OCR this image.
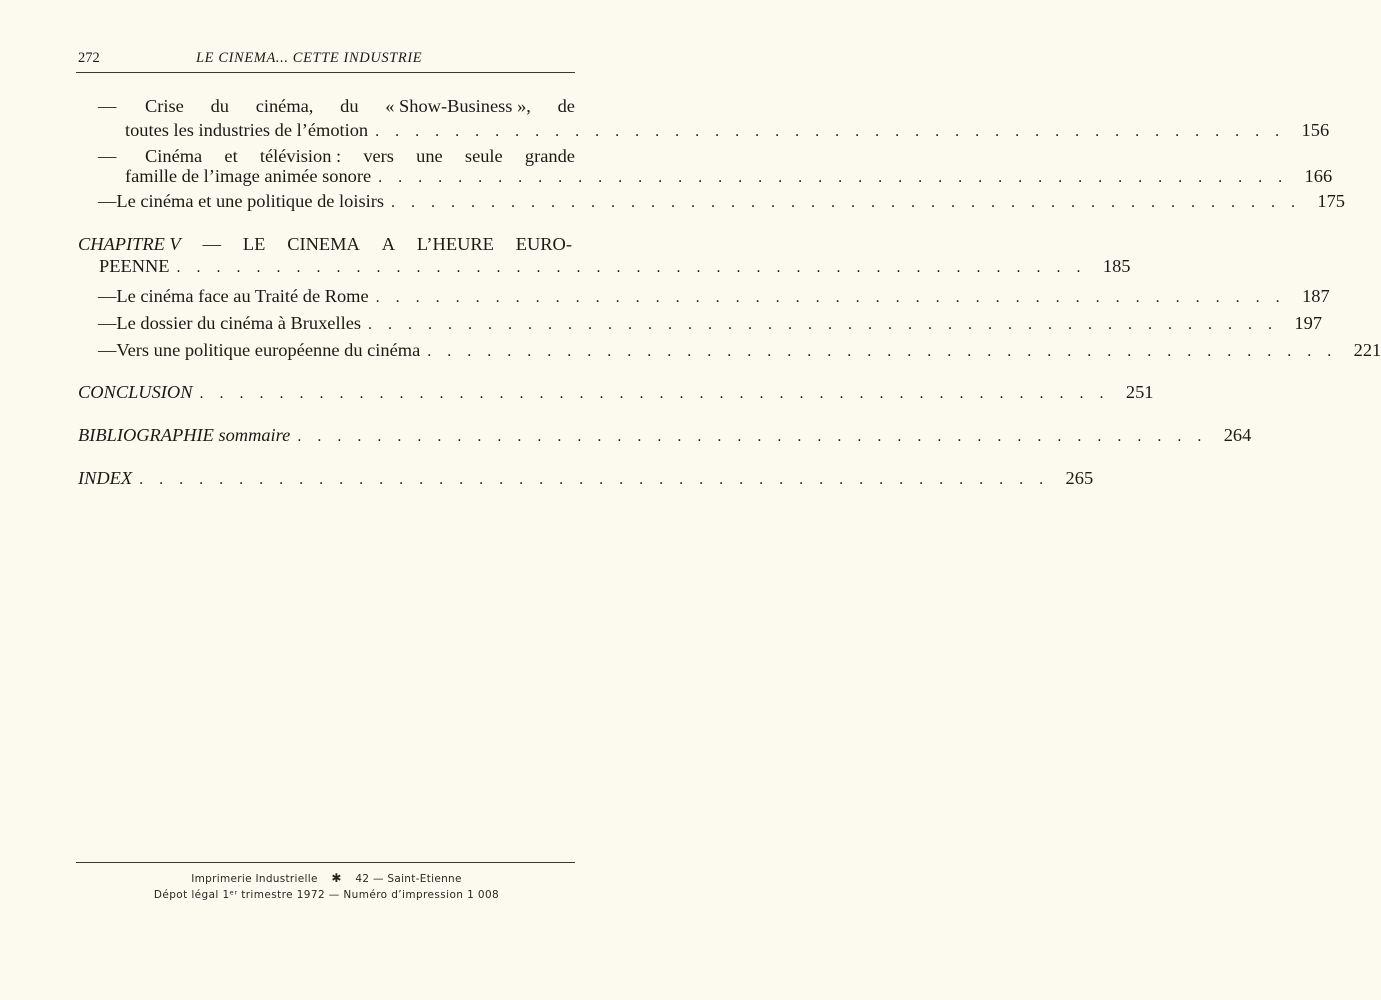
272	LE CINEMA... CETTE INDUSTRIE
—	Crise du cinéma, du « Show-Business », de
toutes les industries de l’émotion . . . . . . . . . . . . . . . . . . . . . . . . . . . . . . . . . . . . . . . . . . . . . . 156
—	Cinéma et télévision : vers une seule grande
famille de l’image animée sonore . . . . . . . . . . . . . . . . . . . . . . . . . . . . . . . . . . . . . . . . . . . . . . 166
— Le cinéma et une politique de loisirs . . . . . . . . . . . . . . . . . . . . . . . . . . . . . . . . . . . . . . . . . . . . . . 175
CHAPITRE V — LE CINEMA A L’HEURE EURO-
PEENNE . . . . . . . . . . . . . . . . . . . . . . . . . . . . . . . . . . . . . . . . . . . . . . 185
— Le cinéma face au Traité de Rome . . . . . . . . . . . . . . . . . . . . . . . . . . . . . . . . . . . . . . . . . . . . . . 187
— Le dossier du cinéma à Bruxelles . . . . . . . . . . . . . . . . . . . . . . . . . . . . . . . . . . . . . . . . . . . . . . 197
— Vers une politique européenne du cinéma . . . . . . . . . . . . . . . . . . . . . . . . . . . . . . . . . . . . . . . . . . . . . . 221
CONCLUSION . . . . . . . . . . . . . . . . . . . . . . . . . . . . . . . . . . . . . . . . . . . . . . 251
BIBLIOGRAPHIE sommaire . . . . . . . . . . . . . . . . . . . . . . . . . . . . . . . . . . . . . . . . . . . . . . 264
INDEX . . . . . . . . . . . . . . . . . . . . . . . . . . . . . . . . . . . . . . . . . . . . . . 265
Imprimerie Industrielle ✱ 42 — Saint-Etienne
Dépot légal 1ᵉʳ trimestre 1972 — Numéro d’impression 1 008
